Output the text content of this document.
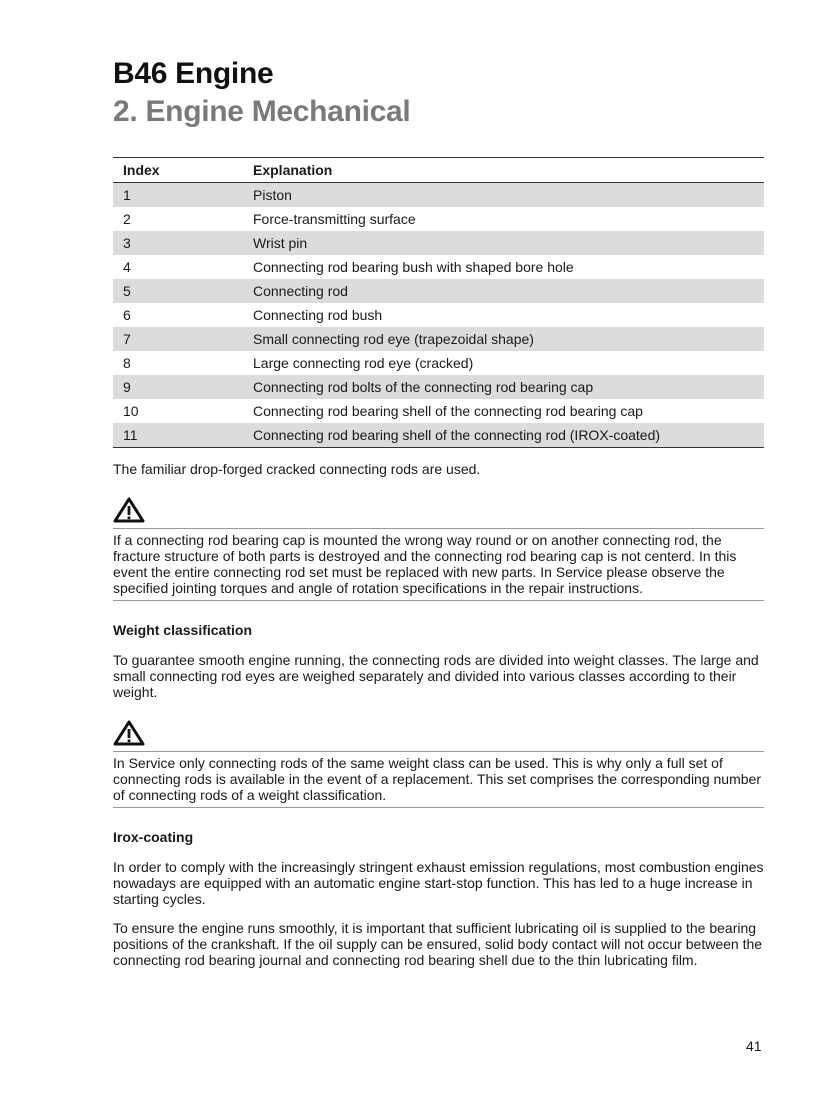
B46 Engine
2. Engine Mechanical
Index	Explanation
1	Piston
2	Force-transmitting surface
3	Wrist pin
4	Connecting rod bearing bush with shaped bore hole
5	Connecting rod
6	Connecting rod bush
7	Small connecting rod eye (trapezoidal shape)
8	Large connecting rod eye (cracked)
9	Connecting rod bolts of the connecting rod bearing cap
10	Connecting rod bearing shell of the connecting rod bearing cap
11	Connecting rod bearing shell of the connecting rod (IROX-coated)

The familiar drop-forged cracked connecting rods are used.

If a connecting rod bearing cap is mounted the wrong way round or on another connecting rod, the fracture structure of both parts is destroyed and the connecting rod bearing cap is not centerd. In this event the entire connecting rod set must be replaced with new parts. In Service please observe the specified jointing torques and angle of rotation specifications in the repair instructions.

Weight classification

To guarantee smooth engine running, the connecting rods are divided into weight classes. The large and small connecting rod eyes are weighed separately and divided into various classes according to their weight.

In Service only connecting rods of the same weight class can be used. This is why only a full set of connecting rods is available in the event of a replacement. This set comprises the corresponding number of connecting rods of a weight classification.

Irox-coating

In order to comply with the increasingly stringent exhaust emission regulations, most combustion engines nowadays are equipped with an automatic engine start-stop function. This has led to a huge increase in starting cycles.

To ensure the engine runs smoothly, it is important that sufficient lubricating oil is supplied to the bearing positions of the crankshaft. If the oil supply can be ensured, solid body contact will not occur between the connecting rod bearing journal and connecting rod bearing shell due to the thin lubricating film.

41
